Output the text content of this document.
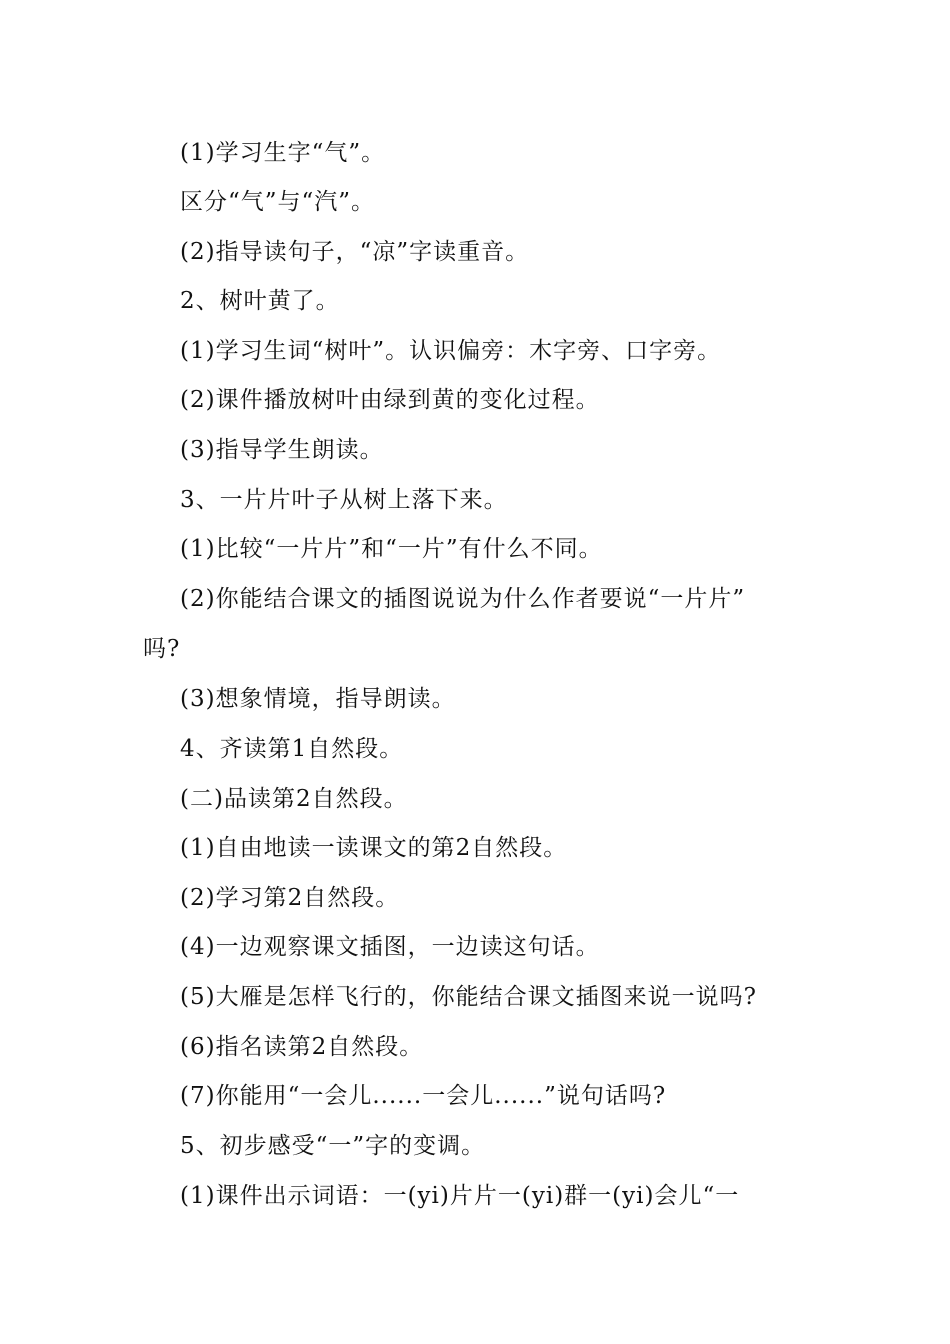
(1)学习生字“气”。
区分“气”与“汽”。
(2)指导读句子，“凉”字读重音。
2、树叶黄了。
(1)学习生词“树叶”。认识偏旁：木字旁、口字旁。
(2)课件播放树叶由绿到黄的变化过程。
(3)指导学生朗读。
3、一片片叶子从树上落下来。
(1)比较“一片片”和“一片”有什么不同。
(2)你能结合课文的插图说说为什么作者要说“一片片”
吗?
(3)想象情境，指导朗读。
4、齐读第1自然段。
(二)品读第2自然段。
(1)自由地读一读课文的第2自然段。
(2)学习第2自然段。
(4)一边观察课文插图，一边读这句话。
(5)大雁是怎样飞行的，你能结合课文插图来说一说吗?
(6)指名读第2自然段。
(7)你能用“一会儿......一会儿......”说句话吗?
5、初步感受“一”字的变调。
(1)课件出示词语：一(yi)片片一(yi)群一(yi)会儿“一
